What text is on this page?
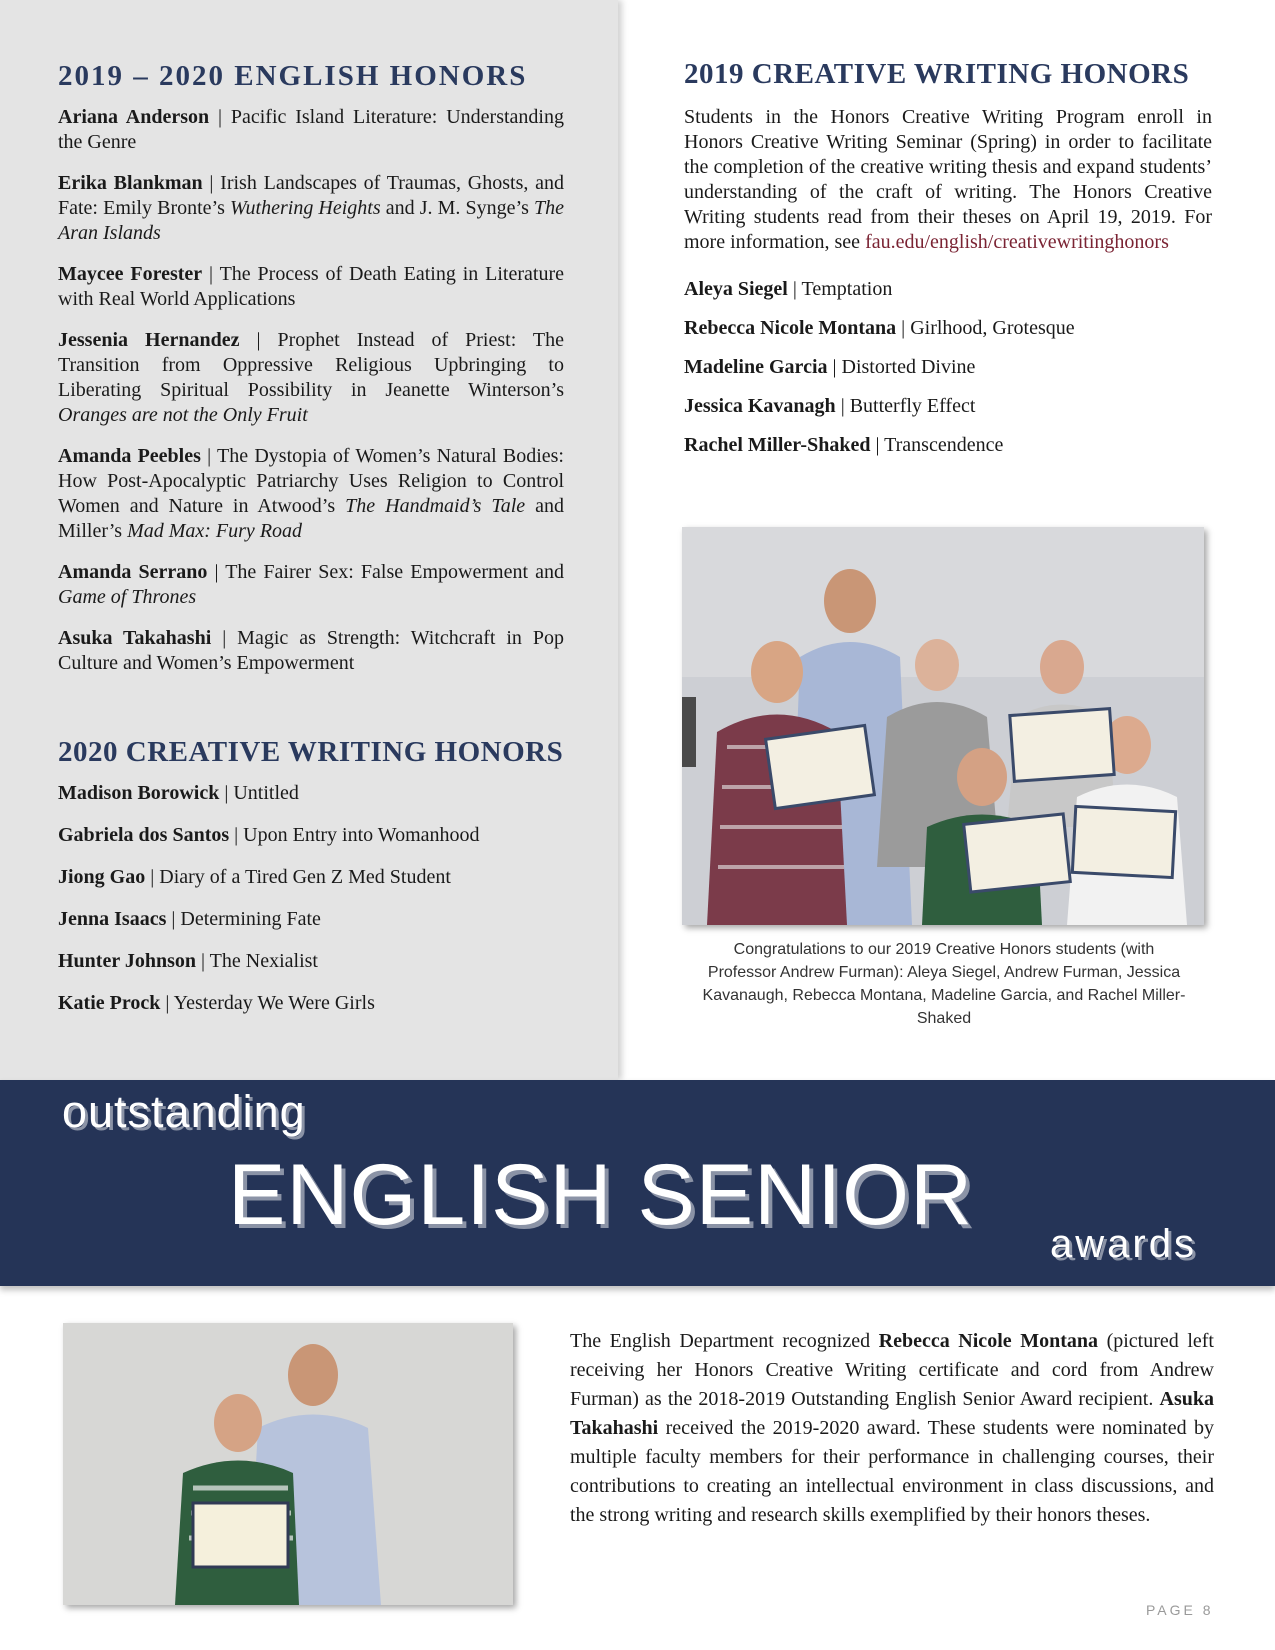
2019 – 2020 ENGLISH HONORS

Ariana Anderson | Pacific Island Literature: Understanding the Genre

Erika Blankman | Irish Landscapes of Traumas, Ghosts, and Fate: Emily Bronte’s Wuthering Heights and J. M. Synge’s The Aran Islands

Maycee Forester | The Process of Death Eating in Literature with Real World Applications

Jessenia Hernandez | Prophet Instead of Priest: The Transition from Oppressive Religious Upbringing to Liberating Spiritual Possibility in Jeanette Winterson’s Oranges are not the Only Fruit

Amanda Peebles | The Dystopia of Women’s Natural Bodies: How Post-Apocalyptic Patriarchy Uses Religion to Control Women and Nature in Atwood’s The Handmaid’s Tale and Miller’s Mad Max: Fury Road

Amanda Serrano | The Fairer Sex: False Empowerment and Game of Thrones

Asuka Takahashi | Magic as Strength: Witchcraft in Pop Culture and Women’s Empowerment

2020 CREATIVE WRITING HONORS

Madison Borowick | Untitled

Gabriela dos Santos | Upon Entry into Womanhood

Jiong Gao | Diary of a Tired Gen Z Med Student

Jenna Isaacs | Determining Fate

Hunter Johnson | The Nexialist

Katie Prock | Yesterday We Were Girls

2019 CREATIVE WRITING HONORS

Students in the Honors Creative Writing Program enroll in Honors Creative Writing Seminar (Spring) in order to facilitate the completion of the creative writing thesis and expand students’ understanding of the craft of writing. The Honors Creative Writing students read from their theses on April 19, 2019. For more information, see fau.edu/english/creativewritinghonors

Aleya Siegel | Temptation

Rebecca Nicole Montana | Girlhood, Grotesque

Madeline Garcia | Distorted Divine

Jessica Kavanagh | Butterfly Effect

Rachel Miller-Shaked | Transcendence

Congratulations to our 2019 Creative Honors students (with Professor Andrew Furman): Aleya Siegel, Andrew Furman, Jessica Kavanaugh, Rebecca Montana, Madeline Garcia, and Rachel Miller-Shaked

outstanding
ENGLISH SENIOR
awards

The English Department recognized Rebecca Nicole Montana (pictured left receiving her Honors Creative Writing certificate and cord from Andrew Furman) as the 2018-2019 Outstanding English Senior Award recipient. Asuka Takahashi received the 2019-2020 award. These students were nominated by multiple faculty members for their performance in challenging courses, their contributions to creating an intellectual environment in class discussions, and the strong writing and research skills exemplified by their honors theses.

PAGE 8
